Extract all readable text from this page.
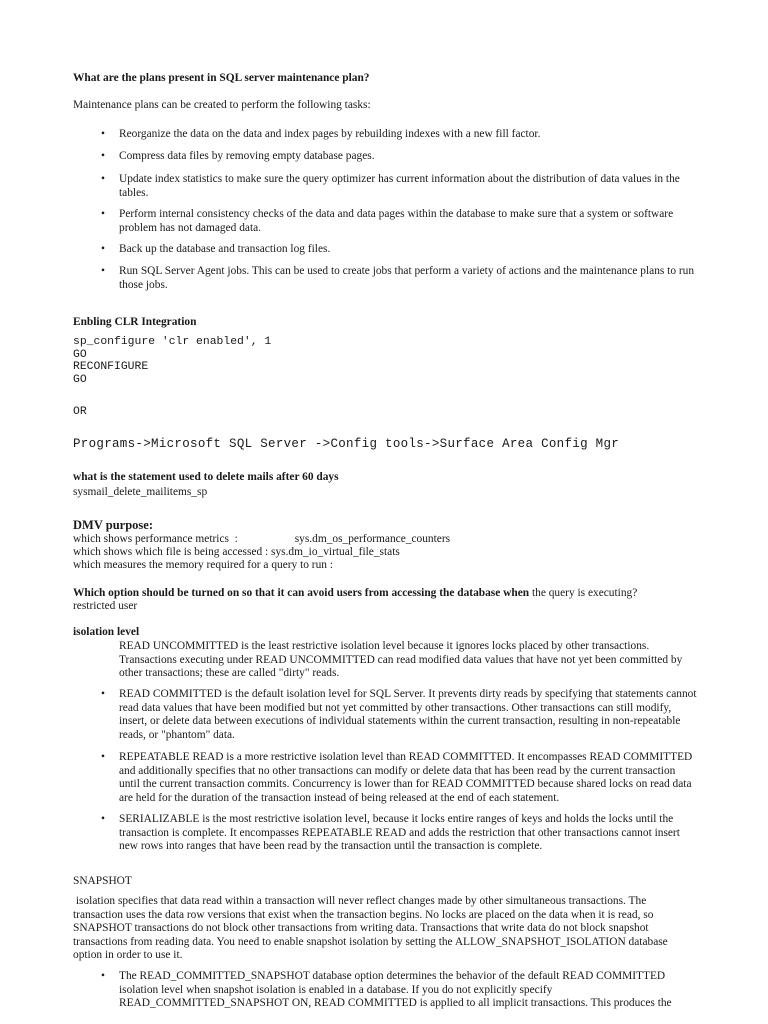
What are the plans present in SQL server maintenance plan?

Maintenance plans can be created to perform the following tasks:

• Reorganize the data on the data and index pages by rebuilding indexes with a new fill factor.
• Compress data files by removing empty database pages.
• Update index statistics to make sure the query optimizer has current information about the distribution of data values in the tables.
• Perform internal consistency checks of the data and data pages within the database to make sure that a system or software problem has not damaged data.
• Back up the database and transaction log files.
• Run SQL Server Agent jobs. This can be used to create jobs that perform a variety of actions and the maintenance plans to run those jobs.

Enbling CLR Integration

sp_configure 'clr enabled', 1
GO
RECONFIGURE
GO

OR

Programs->Microsoft SQL Server ->Config tools->Surface Area Config Mgr

what is the statement used to delete mails after 60 days

sysmail_delete_mailitems_sp

DMV purpose:

which shows performance metrics  :                    sys.dm_os_performance_counters

which shows which file is being accessed : sys.dm_io_virtual_file_stats

which measures the memory required for a query to run :

Which option should be turned on so that it can avoid users from accessing the database when the query is executing?

restricted user

isolation level

READ UNCOMMITTED is the least restrictive isolation level because it ignores locks placed by other transactions. Transactions executing under READ UNCOMMITTED can read modified data values that have not yet been committed by other transactions; these are called "dirty" reads.

• READ COMMITTED is the default isolation level for SQL Server. It prevents dirty reads by specifying that statements cannot read data values that have been modified but not yet committed by other transactions. Other transactions can still modify, insert, or delete data between executions of individual statements within the current transaction, resulting in non-repeatable reads, or "phantom" data.
• REPEATABLE READ is a more restrictive isolation level than READ COMMITTED. It encompasses READ COMMITTED and additionally specifies that no other transactions can modify or delete data that has been read by the current transaction until the current transaction commits. Concurrency is lower than for READ COMMITTED because shared locks on read data are held for the duration of the transaction instead of being released at the end of each statement.
• SERIALIZABLE is the most restrictive isolation level, because it locks entire ranges of keys and holds the locks until the transaction is complete. It encompasses REPEATABLE READ and adds the restriction that other transactions cannot insert new rows into ranges that have been read by the transaction until the transaction is complete.

SNAPSHOT

isolation specifies that data read within a transaction will never reflect changes made by other simultaneous transactions. The transaction uses the data row versions that exist when the transaction begins. No locks are placed on the data when it is read, so SNAPSHOT transactions do not block other transactions from writing data. Transactions that write data do not block snapshot transactions from reading data. You need to enable snapshot isolation by setting the ALLOW_SNAPSHOT_ISOLATION database option in order to use it.

• The READ_COMMITTED_SNAPSHOT database option determines the behavior of the default READ COMMITTED isolation level when snapshot isolation is enabled in a database. If you do not explicitly specify READ_COMMITTED_SNAPSHOT ON, READ COMMITTED is applied to all implicit transactions. This produces the
